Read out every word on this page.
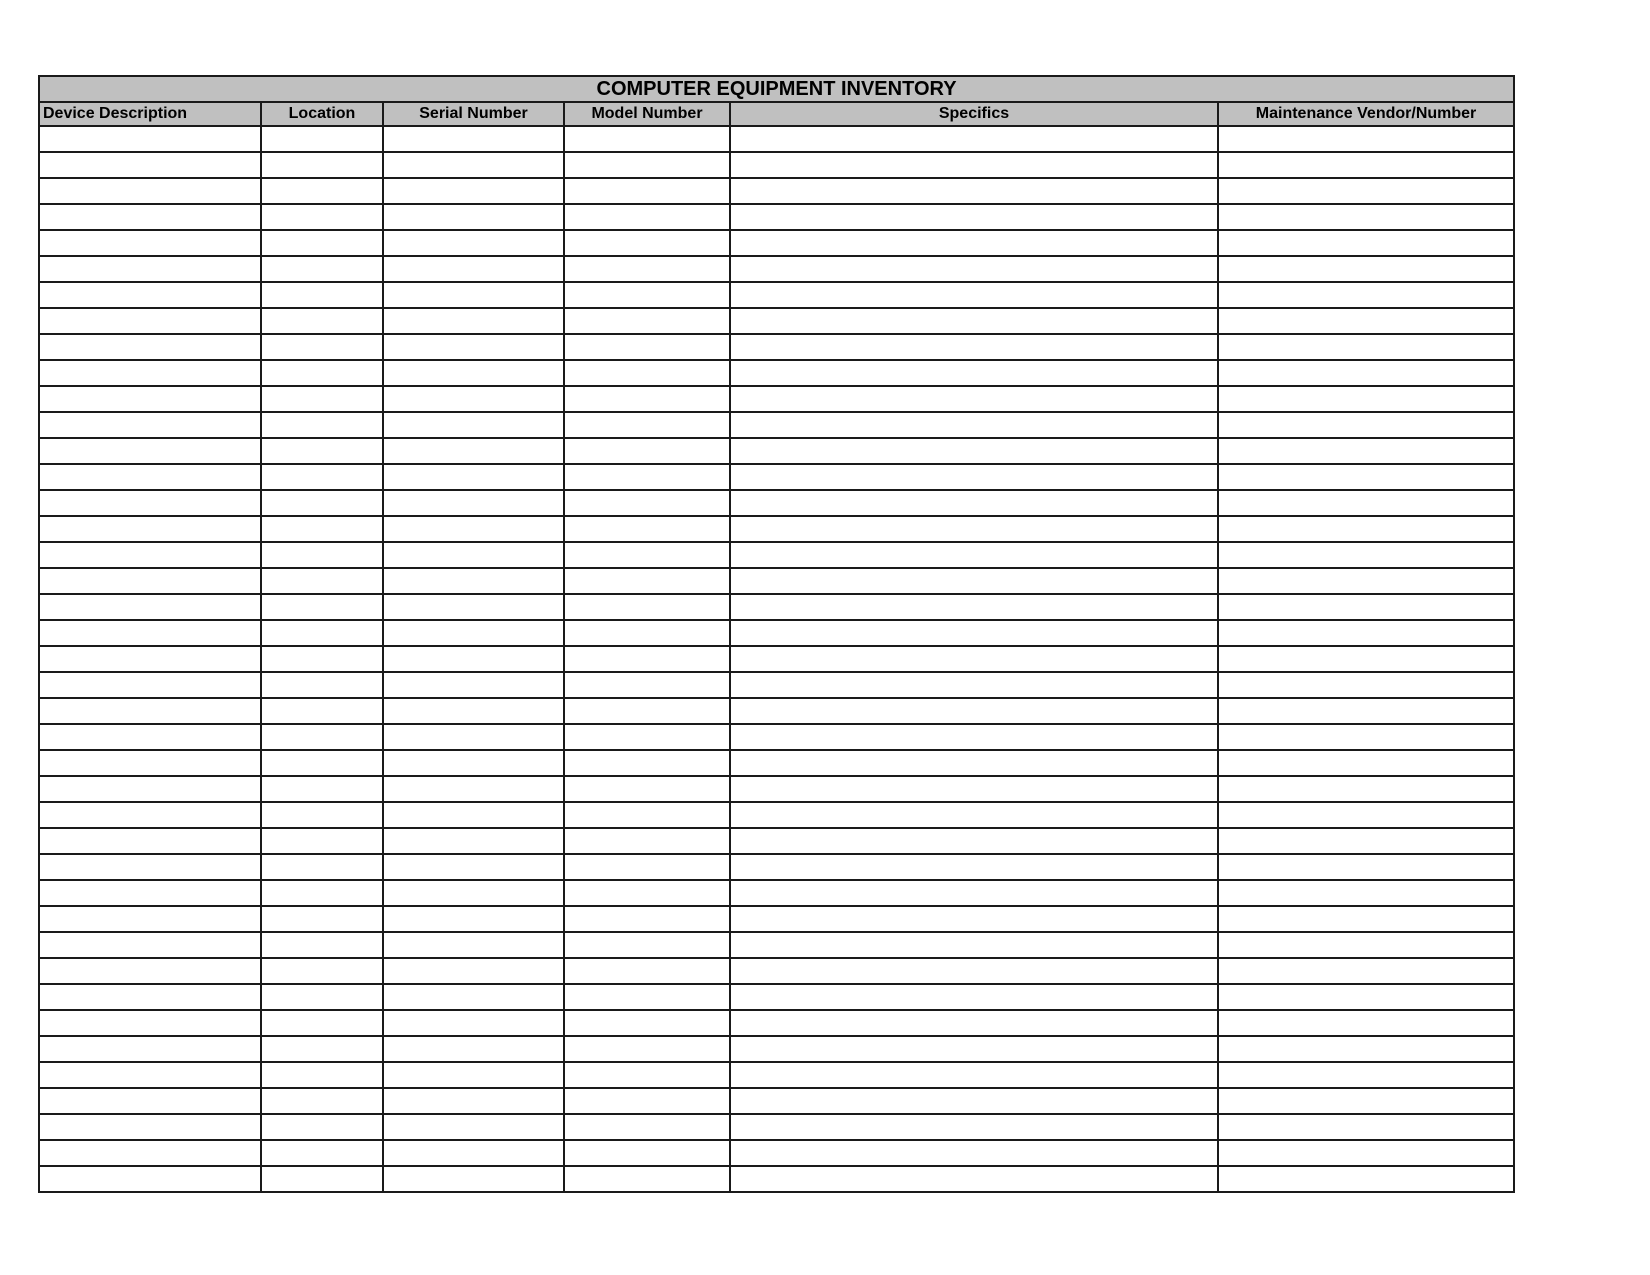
COMPUTER EQUIPMENT INVENTORY					
Device Description	Location	Serial Number	Model Number	Specifics	Maintenance Vendor/Number
